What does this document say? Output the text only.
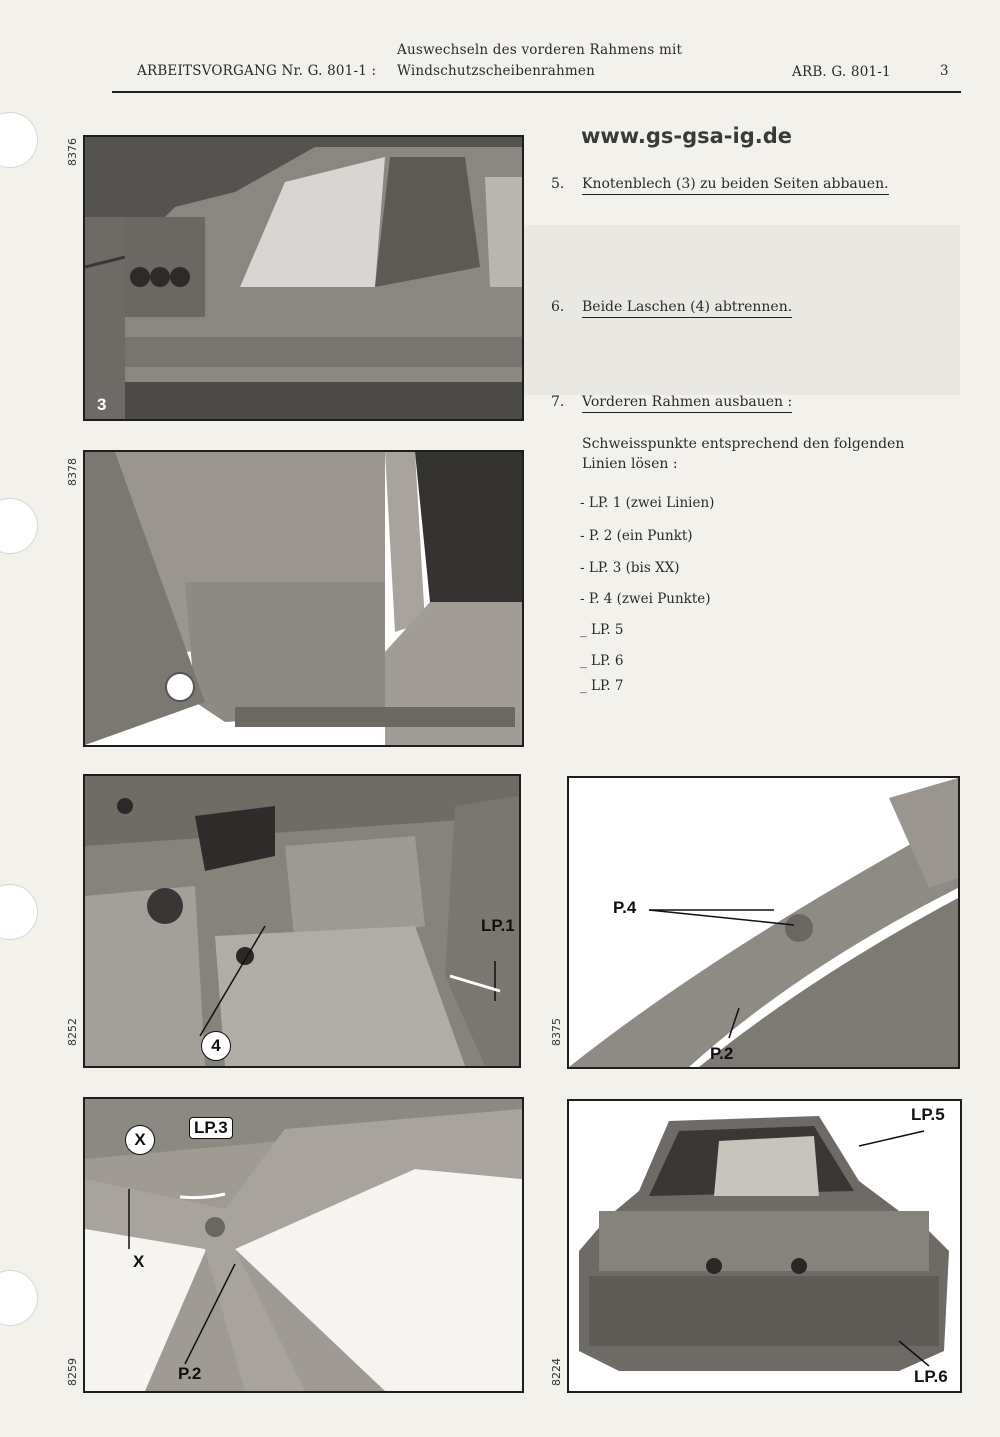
Auswechseln des vorderen Rahmens mit
ARBEITSVORGANG Nr. G. 801-1 : Windschutzscheibenrahmen	ARB. G. 801-1	3
www.gs-gsa-ig.de
5. Knotenblech (3) zu beiden Seiten abbauen.
6. Beide Laschen (4) abtrennen.
7. Vorderen Rahmen ausbauen :
Schweisspunkte entsprechend den folgenden
Linien lösen :
- LP. 1 (zwei Linien)
- P. 2 (ein Punkt)
- LP. 3 (bis XX)
- P. 4 (zwei Punkte)
_ LP. 5
_ LP. 6
_ LP. 7
8376
3
8378
8252
LP.1
4	8375
P.4
P.2
8259
X
LP.3
X
P.2	8224
LP.5
LP.6
